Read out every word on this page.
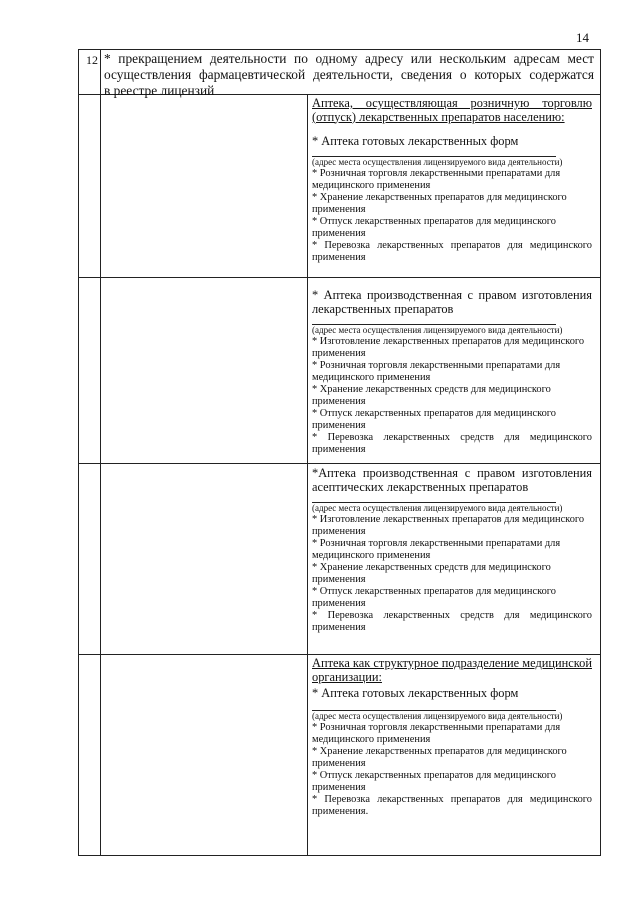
14
12 * прекращением деятельности по одному адресу или нескольким адресам мест осуществления фармацевтической деятельности, сведения о которых содержатся
в реестре лицензий
Аптека, осуществляющая розничную торговлю (отпуск) лекарственных препаратов населению:
* Аптека готовых лекарственных форм
(адрес места осуществления лицензируемого вида деятельности)
* Розничная торговля лекарственными препаратами для медицинского применения
* Хранение лекарственных препаратов для медицинского применения
* Отпуск лекарственных препаратов для медицинского применения
* Перевозка лекарственных препаратов для медицинского применения
* Аптека производственная с правом изготовления лекарственных препаратов
(адрес места осуществления лицензируемого вида деятельности)
* Изготовление лекарственных препаратов для медицинского применения
* Розничная торговля лекарственными препаратами для медицинского применения
* Хранение лекарственных средств для медицинского применения
* Отпуск лекарственных препаратов для медицинского применения
* Перевозка лекарственных средств для медицинского применения
*Аптека производственная с правом изготовления асептических лекарственных препаратов
(адрес места осуществления лицензируемого вида деятельности)
* Изготовление лекарственных препаратов для медицинского применения
* Розничная торговля лекарственными препаратами для медицинского применения
* Хранение лекарственных средств для медицинского применения
* Отпуск лекарственных препаратов для медицинского применения
* Перевозка лекарственных средств для медицинского применения
Аптека как структурное подразделение медицинской организации:
* Аптека готовых лекарственных форм
(адрес места осуществления лицензируемого вида деятельности)
* Розничная торговля лекарственными препаратами для медицинского применения
* Хранение лекарственных препаратов для медицинского применения
* Отпуск лекарственных препаратов для медицинского применения
* Перевозка лекарственных препаратов для медицинского применения.
